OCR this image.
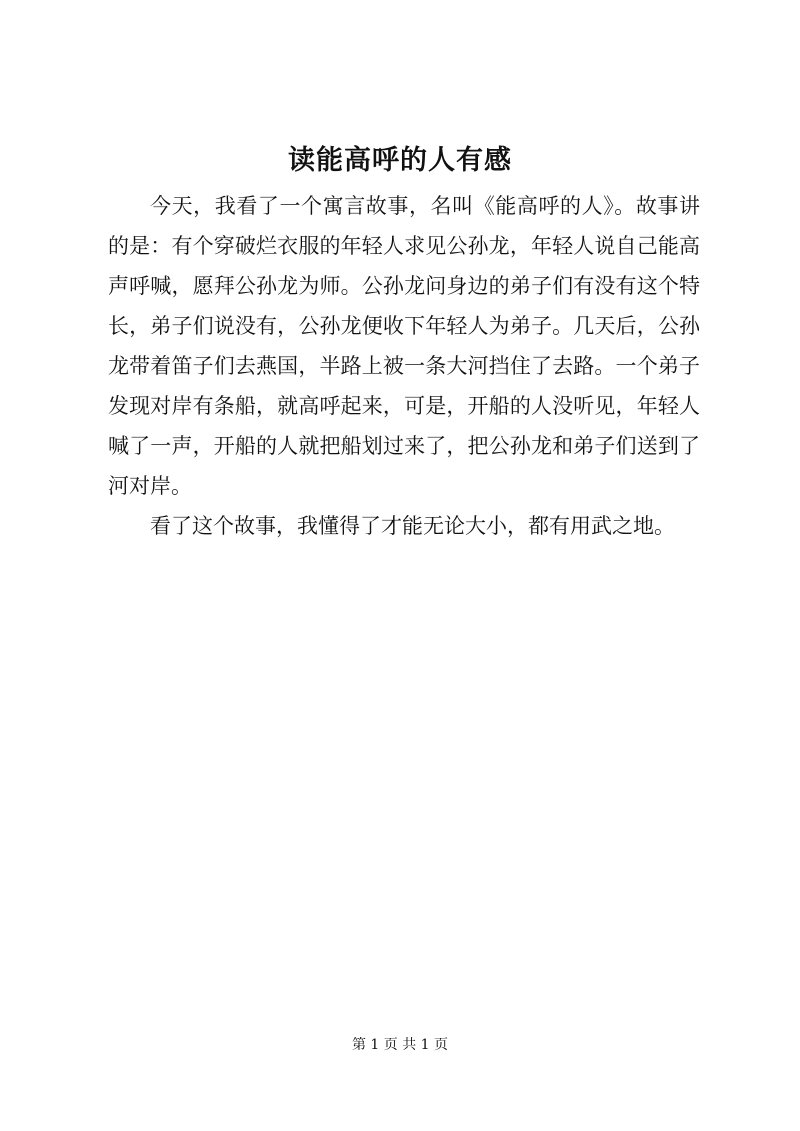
读能高呼的人有感

今天，我看了一个寓言故事，名叫《能高呼的人》。故事讲的是：有个穿破烂衣服的年轻人求见公孙龙，年轻人说自己能高声呼喊，愿拜公孙龙为师。公孙龙问身边的弟子们有没有这个特长，弟子们说没有，公孙龙便收下年轻人为弟子。几天后，公孙龙带着笛子们去燕国，半路上被一条大河挡住了去路。一个弟子发现对岸有条船，就高呼起来，可是，开船的人没听见，年轻人喊了一声，开船的人就把船划过来了，把公孙龙和弟子们送到了河对岸。

看了这个故事，我懂得了才能无论大小，都有用武之地。

第 1 页 共 1 页
